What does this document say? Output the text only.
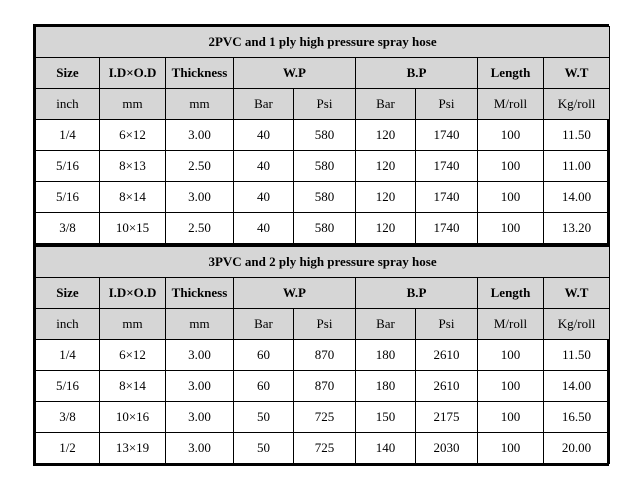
2PVC and 1 ply high pressure spray hose								
Size	I.D×O.D	Thickness	W.P		B.P		Length	W.T
inch	mm	mm	Bar	Psi	Bar	Psi	M/roll	Kg/roll
1/4	6×12	3.00	40	580	120	1740	100	11.50
5/16	8×13	2.50	40	580	120	1740	100	11.00
5/16	8×14	3.00	40	580	120	1740	100	14.00
3/8	10×15	2.50	40	580	120	1740	100	13.20
3PVC and 2 ply high pressure spray hose								
Size	I.D×O.D	Thickness	W.P		B.P		Length	W.T
inch	mm	mm	Bar	Psi	Bar	Psi	M/roll	Kg/roll
1/4	6×12	3.00	60	870	180	2610	100	11.50
5/16	8×14	3.00	60	870	180	2610	100	14.00
3/8	10×16	3.00	50	725	150	2175	100	16.50
1/2	13×19	3.00	50	725	140	2030	100	20.00
